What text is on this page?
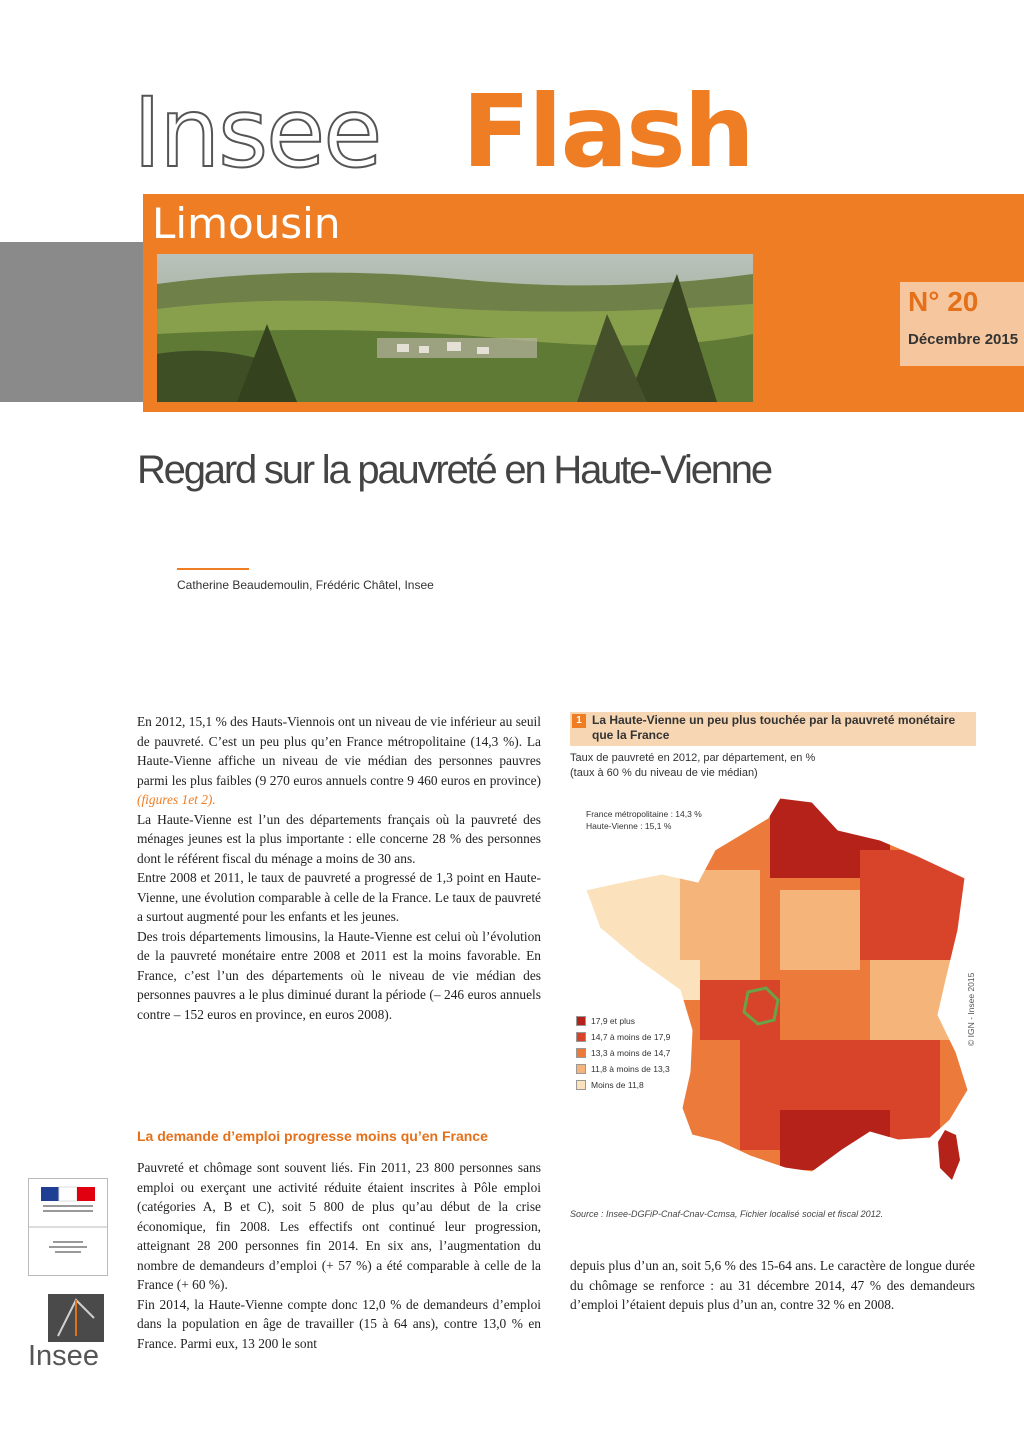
Insee Flash
Limousin
N° 20
Décembre 2015
Regard sur la pauvreté en Haute-Vienne
Catherine Beaudemoulin, Frédéric Châtel, Insee

En 2012, 15,1 % des Hauts-Viennois ont un niveau de vie inférieur au seuil de pauvreté. C’est un peu plus qu’en France métropolitaine (14,3 %). La Haute-Vienne affiche un niveau de vie médian des personnes pauvres parmi les plus faibles (9 270 euros annuels contre 9 460 euros en province) (figures 1et 2).

La Haute-Vienne est l’un des départements français où la pauvreté des ménages jeunes est la plus importante : elle concerne 28 % des personnes dont le référent fiscal du ménage a moins de 30 ans.

Entre 2008 et 2011, le taux de pauvreté a progressé de 1,3 point en Haute-Vienne, une évolution comparable à celle de la France. Le taux de pauvreté a surtout augmenté pour les enfants et les jeunes.

Des trois départements limousins, la Haute-Vienne est celui où l’évolution de la pauvreté monétaire entre 2008 et 2011 est la moins favorable. En France, c’est l’un des départements où le niveau de vie médian des personnes pauvres a le plus diminué durant la période (– 246 euros annuels contre – 152 euros en province, en euros 2008).

La demande d’emploi progresse moins qu’en France

Pauvreté et chômage sont souvent liés. Fin 2011, 23 800 personnes sans emploi ou exerçant une activité réduite étaient inscrites à Pôle emploi (catégories A, B et C), soit 5 800 de plus qu’au début de la crise économique, fin 2008. Les effectifs ont continué leur progression, atteignant 28 200 personnes fin 2014. En six ans, l’augmentation du nombre de demandeurs d’emploi (+ 57 %) a été comparable à celle de la France (+ 60 %).

Fin 2014, la Haute-Vienne compte donc 12,0 % de demandeurs d’emploi dans la population en âge de travailler (15 à 64 ans), contre 13,0 % en France. Parmi eux, 13 200 le sont

depuis plus d’un an, soit 5,6 % des 15-64 ans. Le caractère de longue durée du chômage se renforce : au 31 décembre 2014, 47 % des demandeurs d’emploi l’étaient depuis plus d’un an, contre 32 % en 2008.

1 La Haute-Vienne un peu plus touchée par la pauvreté monétaire que la France
Taux de pauvreté en 2012, par département, en %
(taux à 60 % du niveau de vie médian)
France métropolitaine : 14,3 %
Haute-Vienne : 15,1 %
17,9 et plus
14,7 à moins de 17,9
13,3 à moins de 14,7
11,8 à moins de 13,3
Moins de 11,8
© IGN - Insee 2015
Source : Insee-DGFiP-Cnaf-Cnav-Ccmsa, Fichier localisé social et fiscal 2012.
Insee
